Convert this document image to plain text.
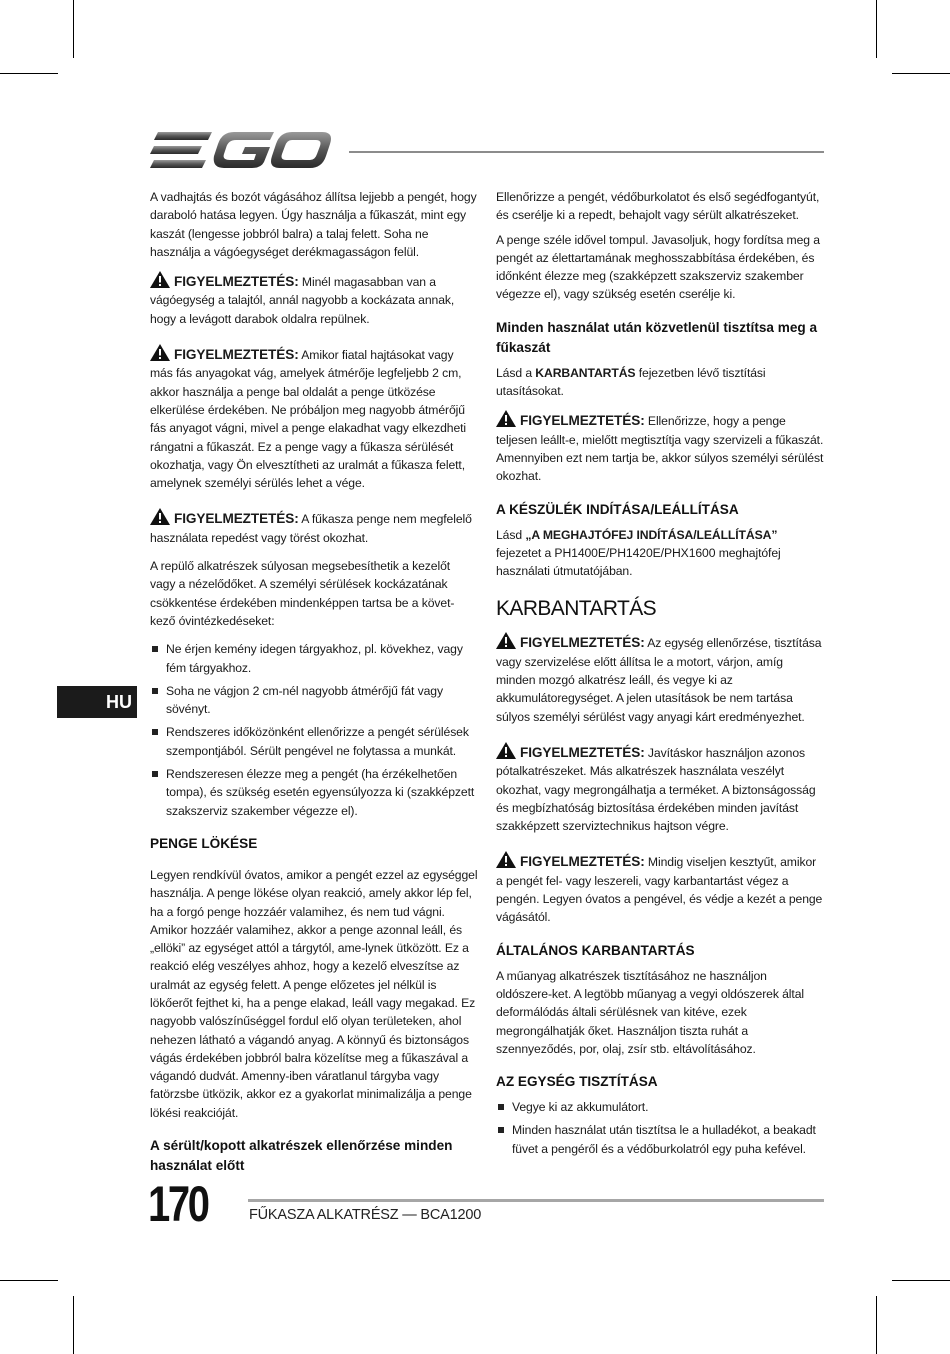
HU

A vadhajtás és bozót vágásához állítsa lejjebb a pengét, hogy daraboló hatása legyen. Úgy használja a fűkaszát, mint egy kaszát (lengesse jobbról balra) a talaj felett. Soha ne használja a vágóegységet derékmagasságon felül.

FIGYELMEZTETÉS: Minél magasabban van a vágóegység a talajtól, annál nagyobb a kockázata annak, hogy a levágott darabok oldalra repülnek.

FIGYELMEZTETÉS: Amikor fiatal hajtásokat vagy más fás anyagokat vág, amelyek átmérője legfeljebb 2 cm, akkor használja a penge bal oldalát a penge ütközése elkerülése érdekében. Ne próbáljon meg nagyobb átmérőjű fás anyagot vágni, mivel a penge elakadhat vagy elkezdheti rángatni a fűkaszát. Ez a penge vagy a fűkasza sérülését okozhatja, vagy Ön elvesztítheti az uralmát a fűkasza felett, amelynek személyi sérülés lehet a vége.

FIGYELMEZTETÉS: A fűkasza penge nem megfelelő használata repedést vagy törést okozhat.

A repülő alkatrészek súlyosan megsebesíthetik a kezelőt vagy a nézelődőket. A személyi sérülések kockázatának csökkentése érdekében mindenképpen tartsa be a követ-kező óvintézkedéseket:

Ne érjen kemény idegen tárgyakhoz, pl. kövekhez, vagy fém tárgyakhoz.
Soha ne vágjon 2 cm-nél nagyobb átmérőjű fát vagy sövényt.
Rendszeres időközönként ellenőrizze a pengét sérülések szempontjából. Sérült pengével ne folytassa a munkát.
Rendszeresen élezze meg a pengét (ha érzékelhetően tompa), és szükség esetén egyensúlyozza ki (szakképzett szakszerviz szakember végezze el).
PENGE LÖKÉSE

Legyen rendkívül óvatos, amikor a pengét ezzel az egységgel használja. A penge lökése olyan reakció, amely akkor lép fel, ha a forgó penge hozzáér valamihez, és nem tud vágni. Amikor hozzáér valamihez, akkor a penge azonnal leáll, és „ellöki” az egységet attól a tárgytól, ame-lynek ütközött. Ez a reakció elég veszélyes ahhoz, hogy a kezelő elveszítse az uralmát az egység felett. A penge előzetes jel nélkül is lökőerőt fejthet ki, ha a penge elakad, leáll vagy megakad. Ez nagyobb valószínűséggel fordul elő olyan területeken, ahol nehezen látható a vágandó anyag. A könnyű és biztonságos vágás érdekében jobbról balra közelítse meg a fűkaszával a vágandó dudvát. Amenny-iben váratlanul tárgyba vagy fatörzsbe ütközik, akkor ez a gyakorlat minimalizálja a penge lökési reakcióját.

A sérült/kopott alkatrészek ellenőrzése minden használat előtt

Ellenőrizze a pengét, védőburkolatot és első segédfogantyút, és cserélje ki a repedt, behajolt vagy sérült alkatrészeket.

A penge széle idővel tompul. Javasoljuk, hogy fordítsa meg a pengét az élettartamának meghosszabbítása érdekében, és időnként élezze meg (szakképzett szakszerviz szakember végezze el), vagy szükség esetén cserélje ki.

Minden használat után közvetlenül tisztítsa meg a fűkaszát

Lásd a KARBANTARTÁS fejezetben lévő tisztítási utasításokat.

FIGYELMEZTETÉS: Ellenőrizze, hogy a penge teljesen leállt-e, mielőtt megtisztítja vagy szervizeli a fűkaszát. Amennyiben ezt nem tartja be, akkor súlyos személyi sérülést okozhat.

A KÉSZÜLÉK INDÍTÁSA/LEÁLLÍTÁSA

Lásd „A MEGHAJTÓFEJ INDÍTÁSA/LEÁLLÍTÁSA” fejezetet a PH1400E/PH1420E/PHX1600 meghajtófej használati útmutatójában.

KARBANTARTÁS

FIGYELMEZTETÉS: Az egység ellenőrzése, tisztítása vagy szervizelése előtt állítsa le a motort, várjon, amíg minden mozgó alkatrész leáll, és vegye ki az akkumulátoregységet. A jelen utasítások be nem tartása súlyos személyi sérülést vagy anyagi kárt eredményezhet.

FIGYELMEZTETÉS: Javításkor használjon azonos pótalkatrészeket. Más alkatrészek használata veszélyt okozhat, vagy megrongálhatja a terméket. A biztonságosság és megbízhatóság biztosítása érdekében minden javítást szakképzett szerviztechnikus hajtson végre.

FIGYELMEZTETÉS: Mindig viseljen kesztyűt, amikor a pengét fel- vagy leszereli, vagy karbantartást végez a pengén. Legyen óvatos a pengével, és védje a kezét a penge vágásától.

ÁLTALÁNOS KARBANTARTÁS

A műanyag alkatrészek tisztításához ne használjon oldószere-ket. A legtöbb műanyag a vegyi oldószerek által deformálódás általi sérülésnek van kitéve, ezek megrongálhatják őket. Használjon tiszta ruhát a szennyeződés, por, olaj, zsír stb. eltávolításához.

AZ EGYSÉG TISZTÍTÁSA
Vegye ki az akkumulátort.
Minden használat után tisztítsa le a hulladékot, a beakadt füvet a pengéről és a védőburkolatról egy puha kefével.
170	FŰKASZA ALKATRÉSZ — BCA1200
